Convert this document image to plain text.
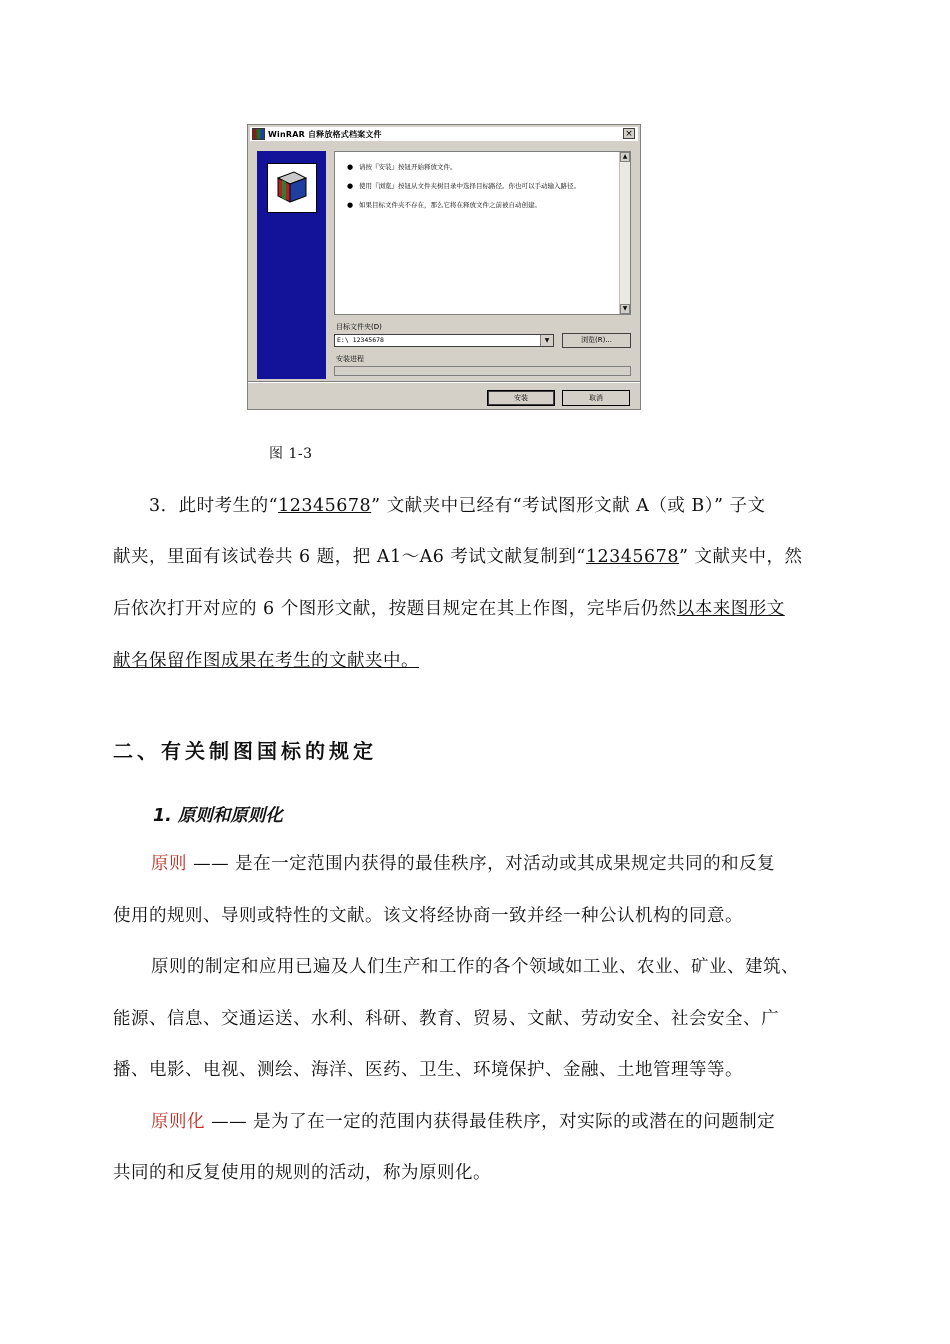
WinRAR 自释放格式档案文件	×
● 请按『安装』按钮开始释放文件。
● 使用『浏览』按钮从文件夹树目录中选择目标路径。你也可以手动输入路径。
● 如果目标文件夹不存在，那么它将在释放文件之前被自动创建。
▲
▼
目标文件夹(D)
E:\ 12345678	▼	浏览(R)...
安装进程
安装	取消
图 1-3
3．此时考生的“12345678” 文献夹中已经有“考试图形文献 A（或 B）” 子文
献夹，里面有该试卷共 6 题，把 A1～A6 考试文献复制到“12345678” 文献夹中，然
后依次打开对应的 6 个图形文献，按题目规定在其上作图，完毕后仍然以本来图形文
献名保留作图成果在考生的文献夹中。
二、有关制图国标的规定
1. 原则和原则化
原则 —— 是在一定范围内获得的最佳秩序，对活动或其成果规定共同的和反复
使用的规则、导则或特性的文献。该文将经协商一致并经一种公认机构的同意。
原则的制定和应用已遍及人们生产和工作的各个领域如工业、农业、矿业、建筑、
能源、信息、交通运送、水利、科研、教育、贸易、文献、劳动安全、社会安全、广
播、电影、电视、测绘、海洋、医药、卫生、环境保护、金融、土地管理等等。
原则化 —— 是为了在一定的范围内获得最佳秩序，对实际的或潜在的问题制定
共同的和反复使用的规则的活动，称为原则化。
